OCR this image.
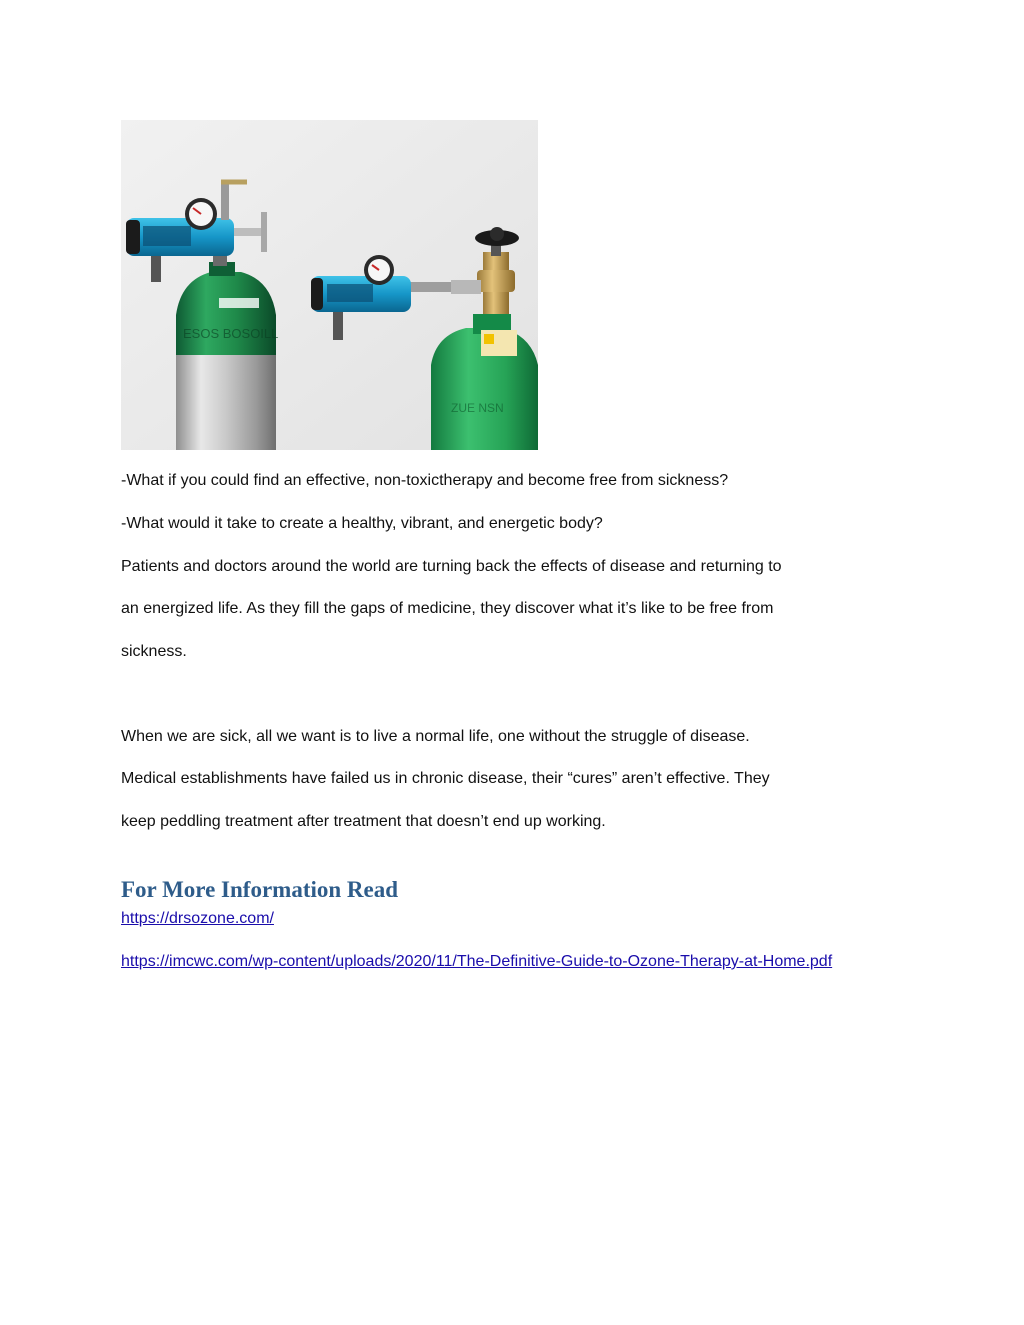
ESOS BOSOILL
ZUE NSN
-What if you could find an effective, non-toxictherapy and become free from sickness?
-What would it take to create a healthy, vibrant, and energetic body?
Patients and doctors around the world are turning back the effects of disease and returning to
an energized life. As they fill the gaps of medicine, they discover what it’s like to be free from
sickness.
When we are sick, all we want is to live a normal life, one without the struggle of disease.
Medical establishments have failed us in chronic disease, their “cures” aren’t effective. They
keep peddling treatment after treatment that doesn’t end up working.
For More Information Read
https://drsozone.com/
https://imcwc.com/wp-content/uploads/2020/11/The-Definitive-Guide-to-Ozone-Therapy-at-Home.pdf
